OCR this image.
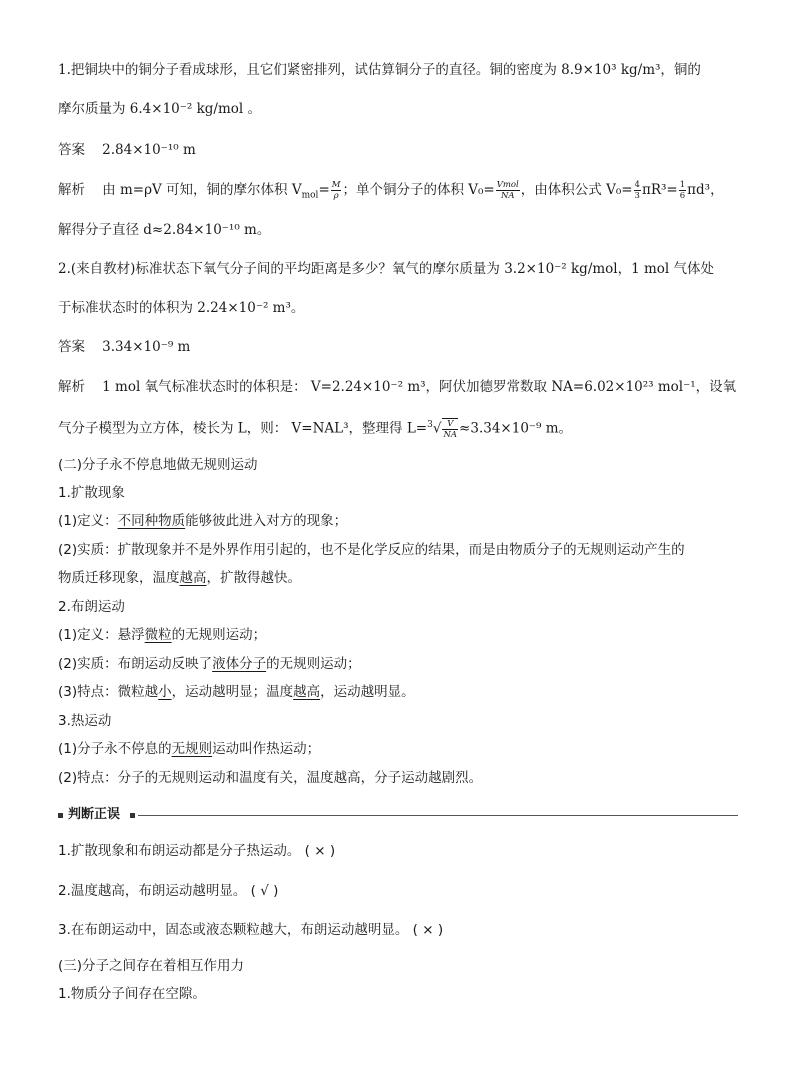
1.把铜块中的铜分子看成球形，且它们紧密排列，试估算铜分子的直径。铜的密度为 8.9×10³ kg/m³，铜的
摩尔质量为 6.4×10⁻² kg/mol 。
答案 2.84×10⁻¹⁰ m
解析 由 m=ρV 可知，铜的摩尔体积 $V_{mol}= \frac{M}{\rho}$ ；单个铜分子的体积 $V_0= \frac{\text{Vmol}}{NA}$ ，由体积公式 $V_0= \frac{4}{3} \pi R^3= \frac{1}{6} \pi d^3$，
解得分子直径 d≈2.84×10⁻¹⁰ m。
2.(来自教材)标准状态下氧气分子间的平均距离是多少？氧气的摩尔质量为 3.2×10⁻² kg/mol，1 mol 气体处
于标准状态时的体积为 2.24×10⁻² m³。
答案 3.34×10⁻⁹ m
解析 1 mol 氧气标准状态时的体积是： V=2.24×10⁻² m³，阿伏加德罗常数取 NA=6.02×10²³ mol⁻¹，设氧
气分子模型为立方体，棱长为 L，则： V=NAL³，整理得 $L=^3√ \frac{V}{NA} \approx 3.34\times 10^{-9}$ m。
(二)分子永不停息地做无规则运动
1.扩散现象
(1)定义：不同种物质能够彼此进入对方的现象；
(2)实质：扩散现象并不是外界作用引起的，也不是化学反应的结果，而是由物质分子的无规则运动产生的
物质迁移现象，温度越高，扩散得越快。
2.布朗运动
(1)定义：悬浮微粒的无规则运动；
(2)实质：布朗运动反映了液体分子的无规则运动；
(3)特点：微粒越小，运动越明显；温度越高，运动越明显。
3.热运动
(1)分子永不停息的无规则运动叫作热运动；
(2)特点：分子的无规则运动和温度有关，温度越高，分子运动越剧烈。
判断正误
1.扩散现象和布朗运动都是分子热运动。 ( × )
2.温度越高，布朗运动越明显。 ( √ )
3.在布朗运动中，固态或液态颗粒越大，布朗运动越明显。 ( × )
(三)分子之间存在着相互作用力
1.物质分子间存在空隙。
